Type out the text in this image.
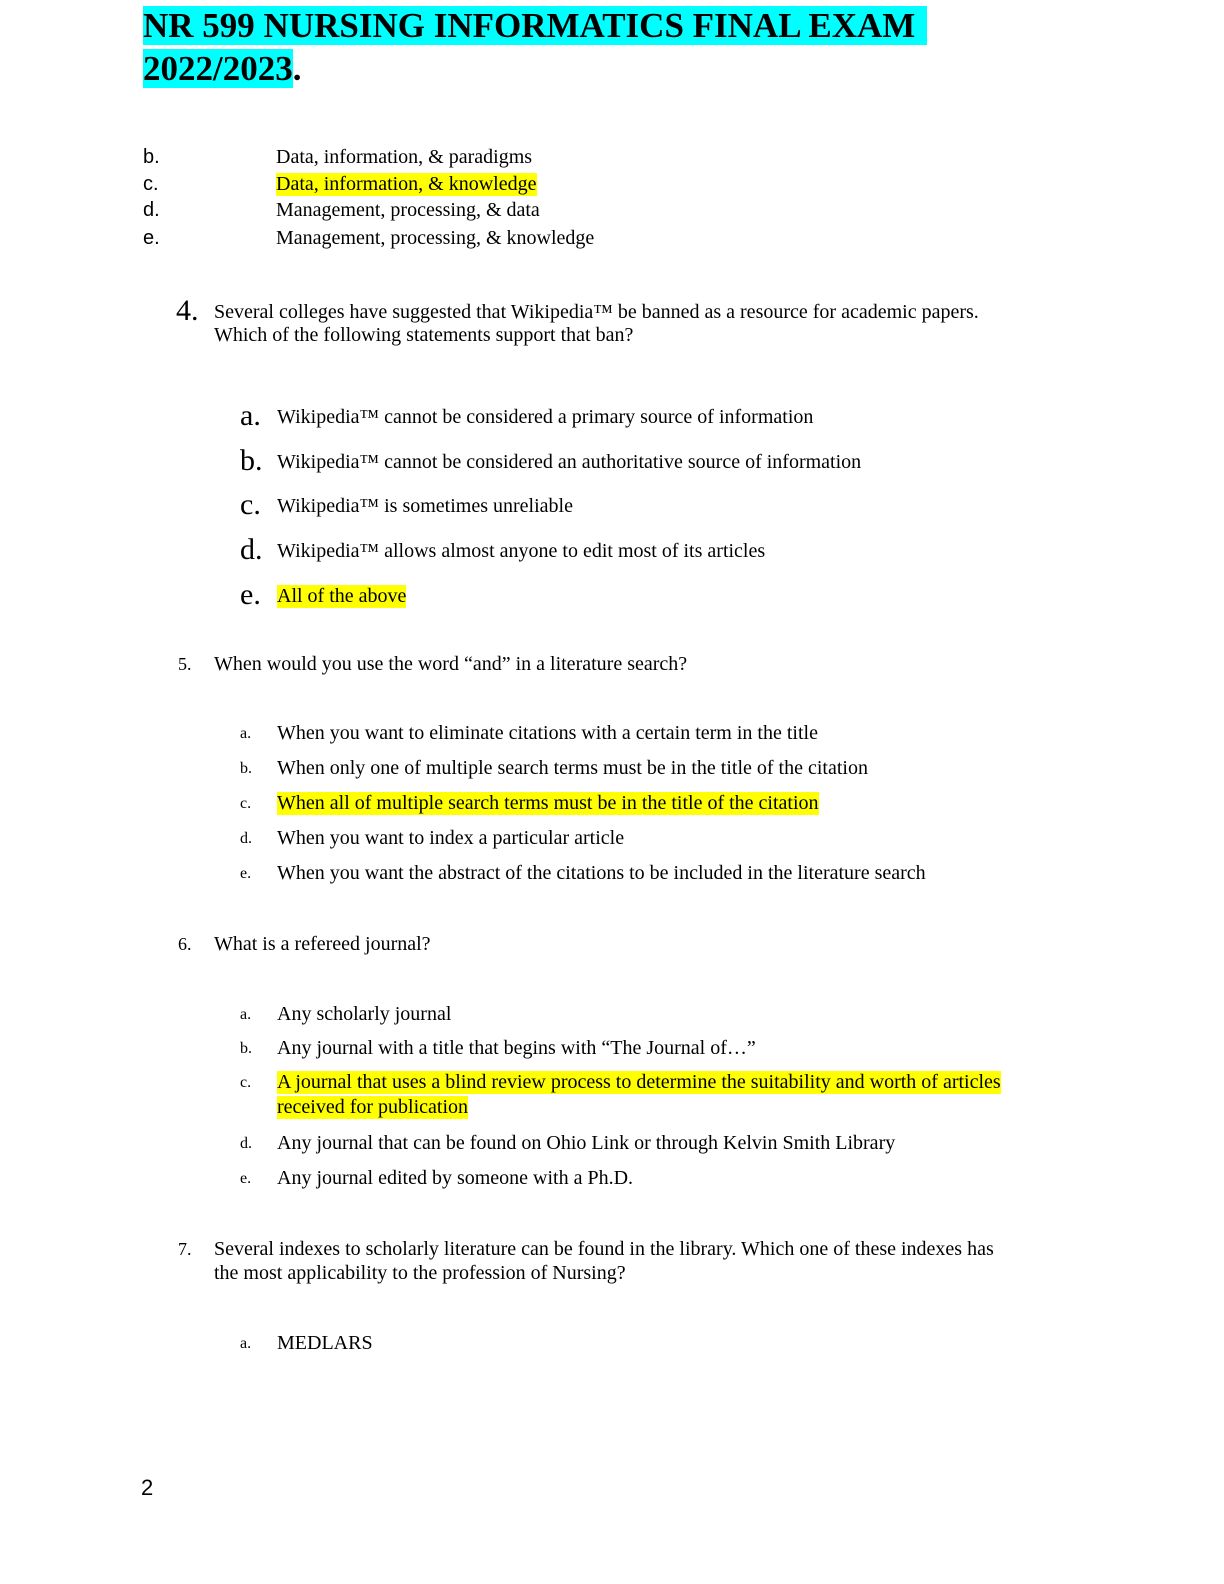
NR 599 NURSING INFORMATICS FINAL EXAM
2022/2023.
b.	Data, information, & paradigms
c.	Data, information, & knowledge
d.	Management, processing, & data
e.	Management, processing, & knowledge
4. Several colleges have suggested that Wikipedia™ be banned as a resource for academic papers.
Which of the following statements support that ban?
a. Wikipedia™ cannot be considered a primary source of information
b. Wikipedia™ cannot be considered an authoritative source of information
c. Wikipedia™ is sometimes unreliable
d. Wikipedia™ allows almost anyone to edit most of its articles
e. All of the above
5. When would you use the word “and” in a literature search?
a. When you want to eliminate citations with a certain term in the title
b. When only one of multiple search terms must be in the title of the citation
c. When all of multiple search terms must be in the title of the citation
d. When you want to index a particular article
e. When you want the abstract of the citations to be included in the literature search
6. What is a refereed journal?
a. Any scholarly journal
b. Any journal with a title that begins with “The Journal of…”
c. A journal that uses a blind review process to determine the suitability and worth of articles
received for publication
d. Any journal that can be found on Ohio Link or through Kelvin Smith Library
e. Any journal edited by someone with a Ph.D.
7. Several indexes to scholarly literature can be found in the library. Which one of these indexes has
the most applicability to the profession of Nursing?
a. MEDLARS
2
